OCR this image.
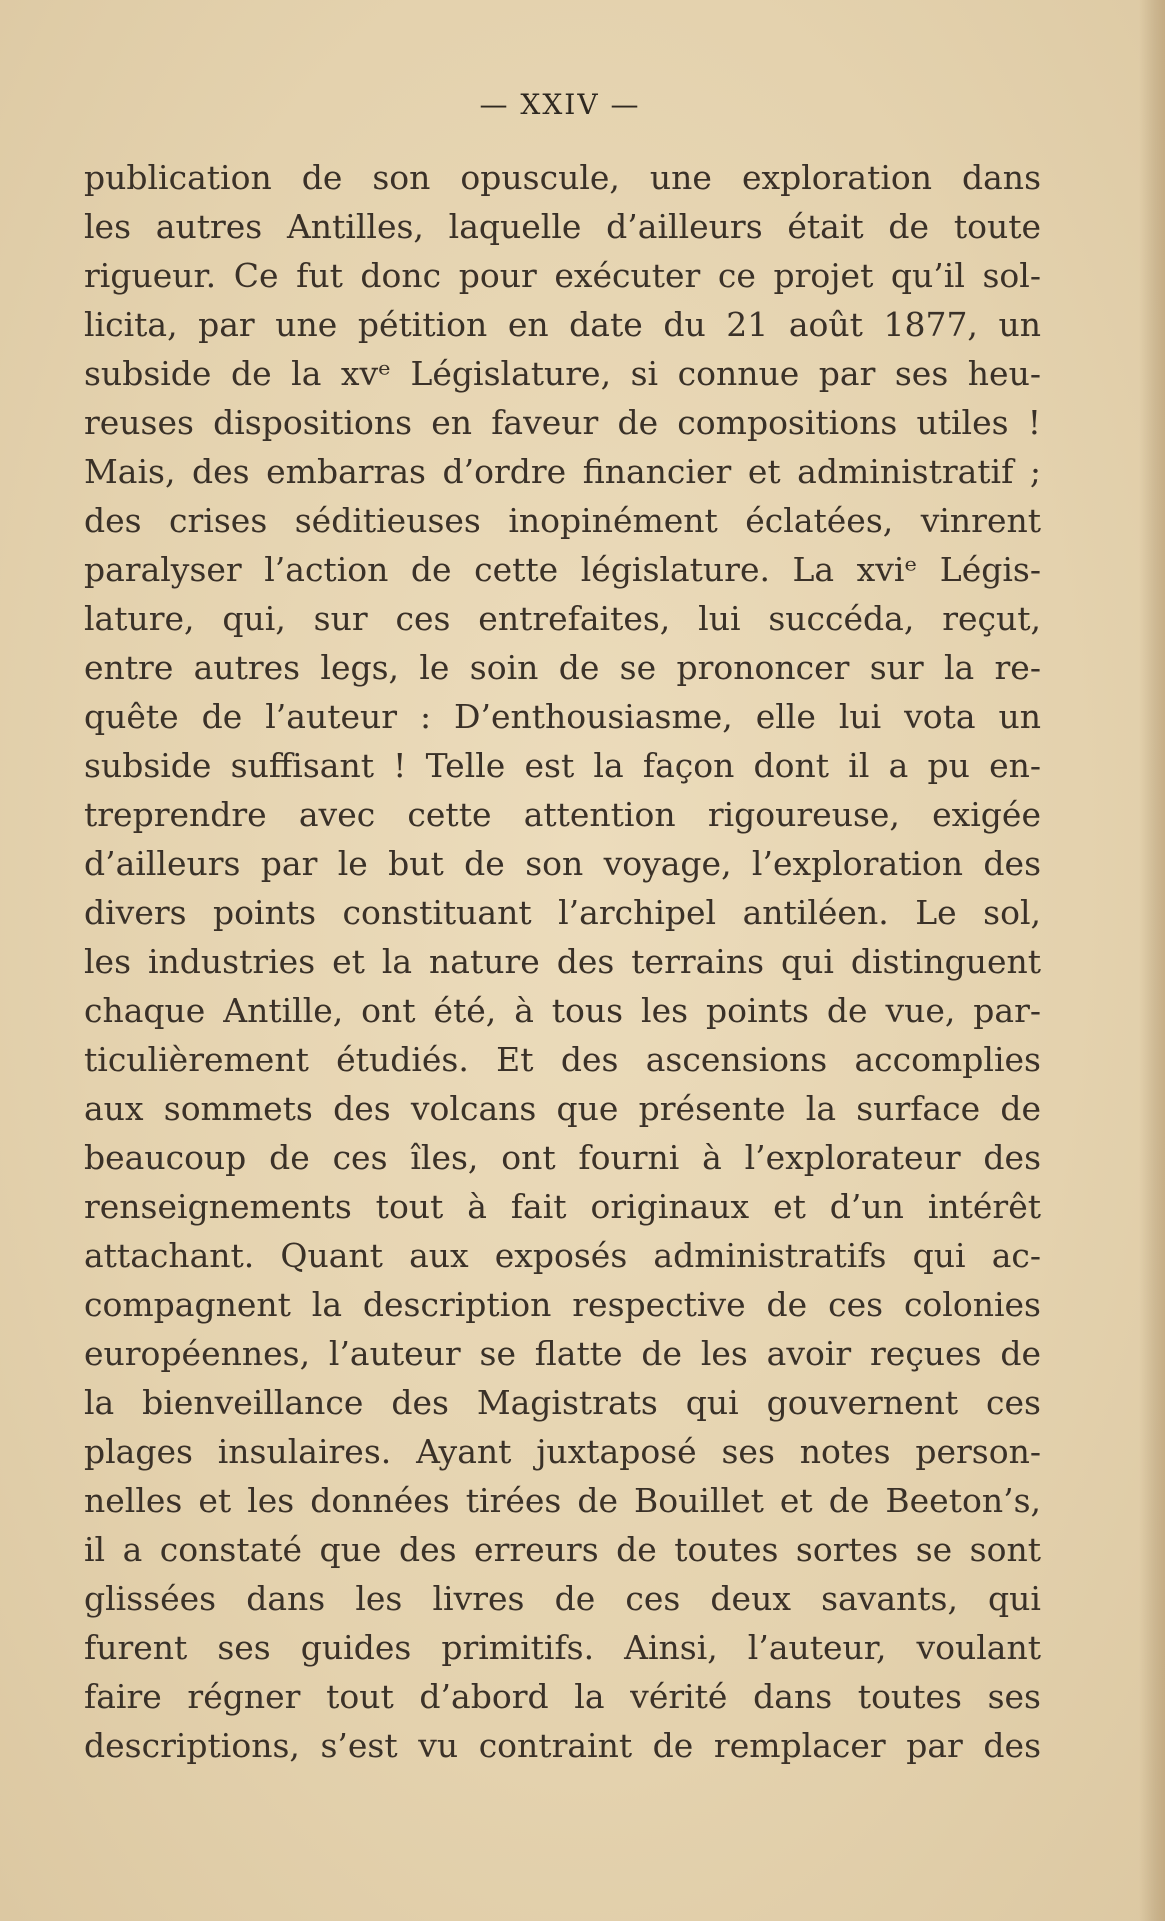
— XXIV —
publication de son opuscule, une exploration dans
les autres Antilles, laquelle d’ailleurs était de toute
rigueur. Ce fut donc pour exécuter ce projet qu’il sol-
licita, par une pétition en date du 21 août 1877, un
subside de la xvᵉ Législature, si connue par ses heu-
reuses dispositions en faveur de compositions utiles !
Mais, des embarras d’ordre financier et administratif ;
des crises séditieuses inopinément éclatées, vinrent
paralyser l’action de cette législature. La xviᵉ Légis-
lature, qui, sur ces entrefaites, lui succéda, reçut,
entre autres legs, le soin de se prononcer sur la re-
quête de l’auteur : D’enthousiasme, elle lui vota un
subside suffisant ! Telle est la façon dont il a pu en-
treprendre avec cette attention rigoureuse, exigée
d’ailleurs par le but de son voyage, l’exploration des
divers points constituant l’archipel antiléen. Le sol,
les industries et la nature des terrains qui distinguent
chaque Antille, ont été, à tous les points de vue, par-
ticulièrement étudiés. Et des ascensions accomplies
aux sommets des volcans que présente la surface de
beaucoup de ces îles, ont fourni à l’explorateur des
renseignements tout à fait originaux et d’un intérêt
attachant. Quant aux exposés administratifs qui ac-
compagnent la description respective de ces colonies
européennes, l’auteur se flatte de les avoir reçues de
la bienveillance des Magistrats qui gouvernent ces
plages insulaires. Ayant juxtaposé ses notes person-
nelles et les données tirées de Bouillet et de Beeton’s,
il a constaté que des erreurs de toutes sortes se sont
glissées dans les livres de ces deux savants, qui
furent ses guides primitifs. Ainsi, l’auteur, voulant
faire régner tout d’abord la vérité dans toutes ses
descriptions, s’est vu contraint de remplacer par des
